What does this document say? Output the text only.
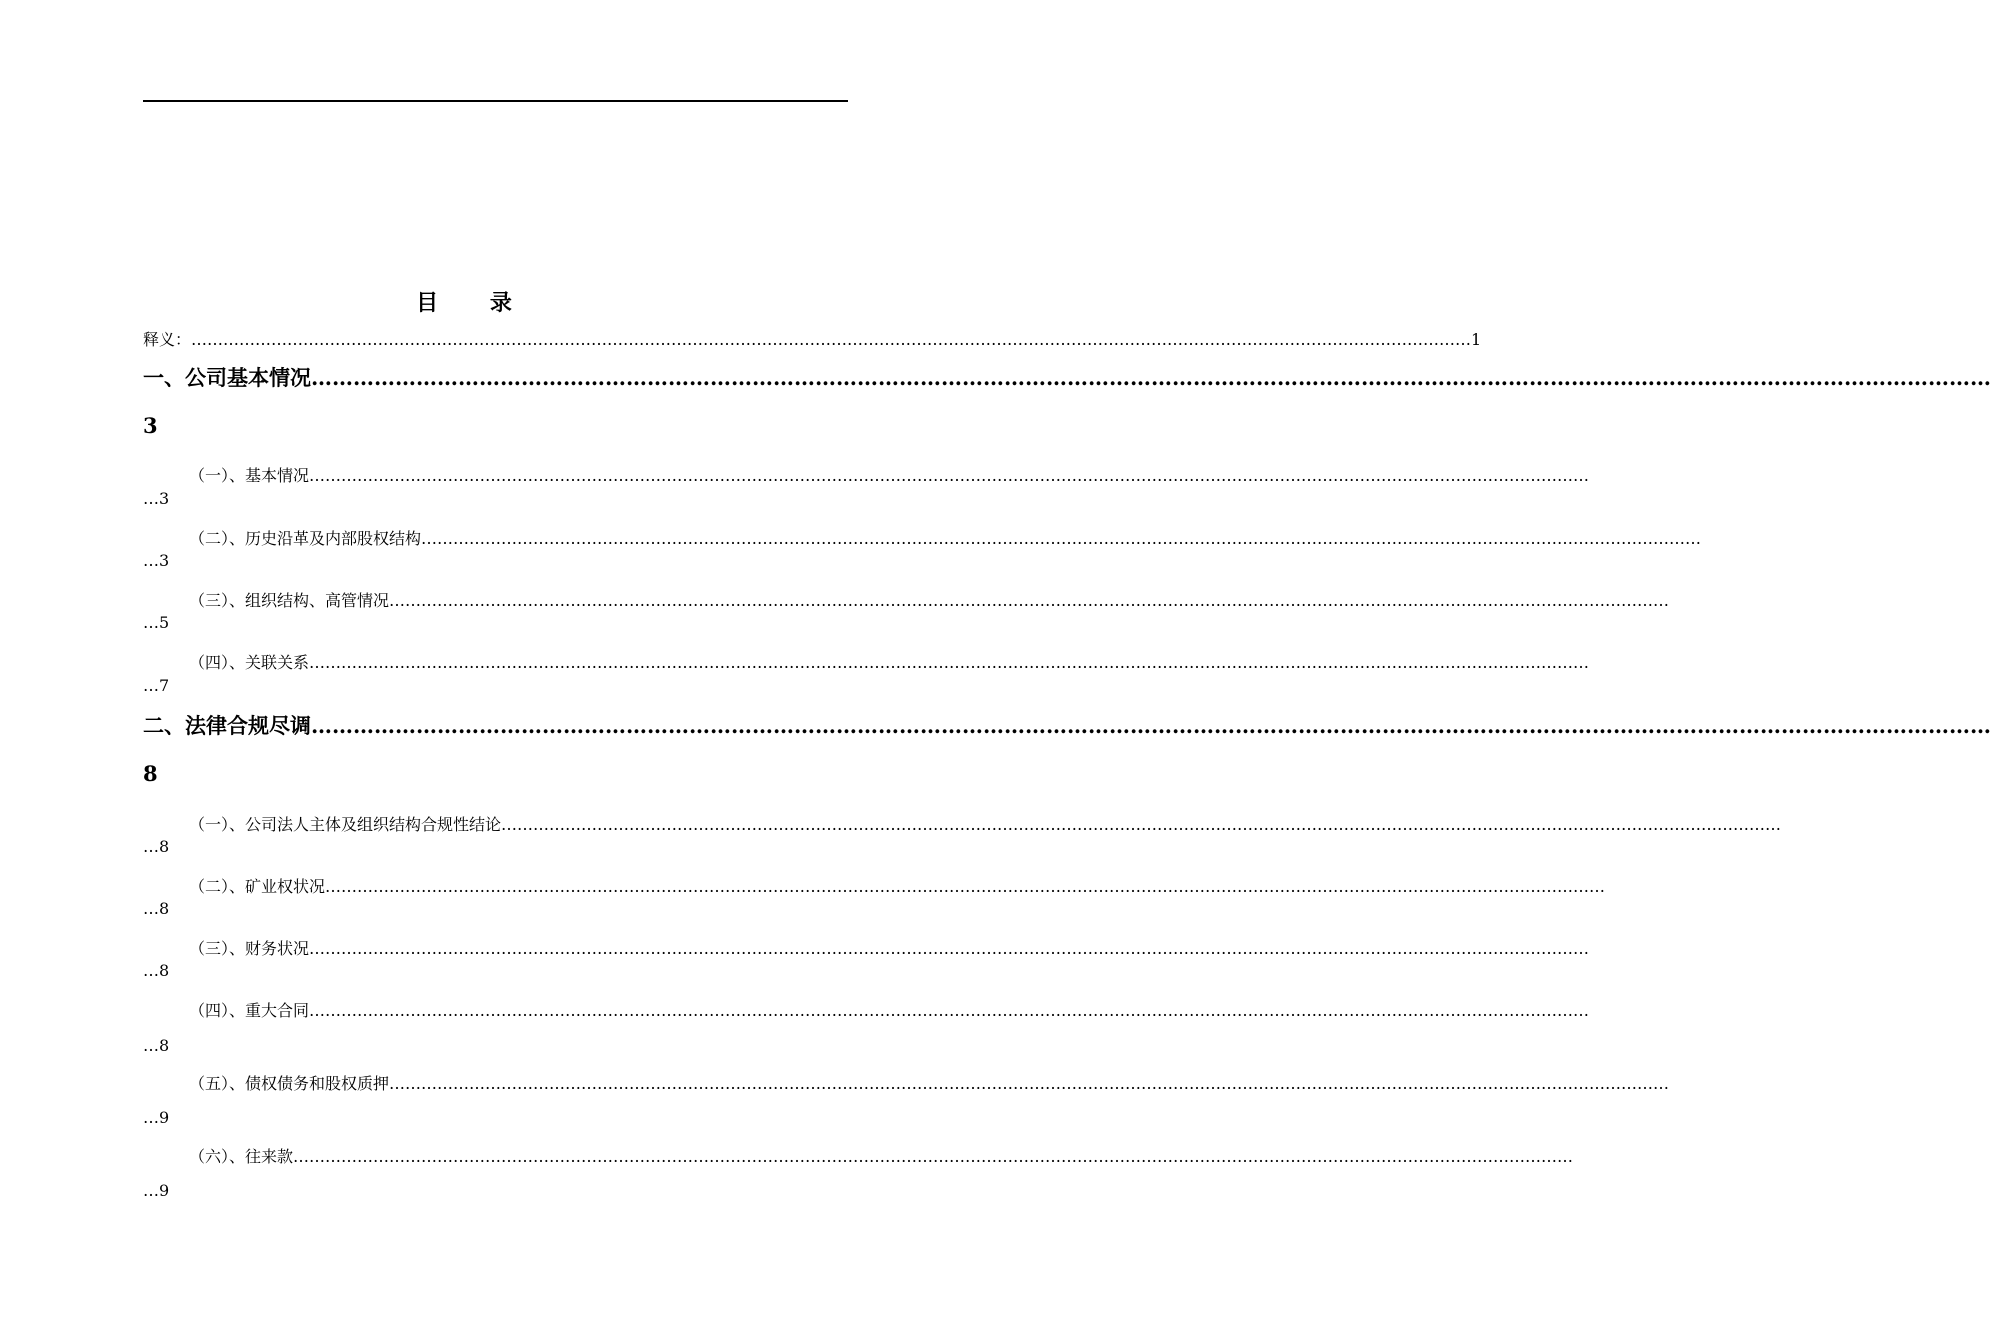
目 录
释义： …………………………………………………………………………………………………………………………………………………………………………………………………………………… 1
一、公司基本情况 ……………………………………………………………………………………………………………………………………………………………………………………………………………………
3
（一）、基本情况 ……………………………………………………………………………………………………………………………………………………………………………………………………………………
…3
（二）、历史沿革及内部股权结构 ……………………………………………………………………………………………………………………………………………………………………………………………………………………
…3
（三）、组织结构、高管情况 ……………………………………………………………………………………………………………………………………………………………………………………………………………………
…5
（四）、关联关系 ……………………………………………………………………………………………………………………………………………………………………………………………………………………
…7
二、法律合规尽调 ……………………………………………………………………………………………………………………………………………………………………………………………………………………
8
（一）、公司法人主体及组织结构合规性结论 ……………………………………………………………………………………………………………………………………………………………………………………………………………………
…8
（二）、矿业权状况 ……………………………………………………………………………………………………………………………………………………………………………………………………………………
…8
（三）、财务状况 ……………………………………………………………………………………………………………………………………………………………………………………………………………………
…8
（四）、重大合同 ……………………………………………………………………………………………………………………………………………………………………………………………………………………
…8
（五）、债权债务和股权质押 ……………………………………………………………………………………………………………………………………………………………………………………………………………………
…9
（六）、往来款 ……………………………………………………………………………………………………………………………………………………………………………………………………………………
…9
